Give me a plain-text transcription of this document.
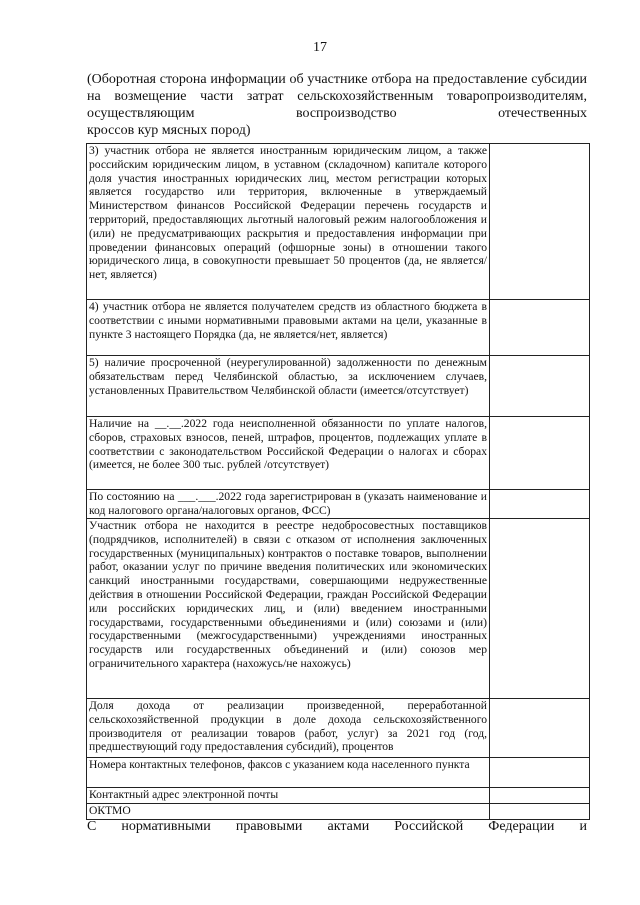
17
(Оборотная сторона информации об участнике отбора на предоставление субсидии на возмещение части затрат сельскохозяйственным товаропроизводителям, осуществляющим воспроизводство отечественных
кроссов кур мясных пород)
3) участник отбора не является иностранным юридическим лицом, а также российским юридическим лицом, в уставном (складочном) капитале которого доля участия иностранных юридических лиц, местом регистрации которых является государство или территория, включенные в утверждаемый Министерством финансов Российской Федерации перечень государств и территорий, предоставляющих льготный налоговый режим налогообложения и (или) не предусматривающих раскрытия и предоставления информации при проведении финансовых операций (офшорные зоны) в отношении такого юридического лица, в совокупности превышает 50 процентов (да, не является/нет, является)	
4) участник отбора не является получателем средств из областного бюджета в соответствии с иными нормативными правовыми актами на цели, указанные в пункте 3 настоящего Порядка (да, не является/нет, является)	
5) наличие просроченной (неурегулированной) задолженности по денежным обязательствам перед Челябинской областью, за исключением случаев, установленных Правительством Челябинской области (имеется/отсутствует)	
Наличие на __.__.2022 года неисполненной обязанности по уплате налогов, сборов, страховых взносов, пеней, штрафов, процентов, подлежащих уплате в соответствии с законодательством Российской Федерации о налогах и сборах (имеется, не более 300 тыс. рублей /отсутствует)	
По состоянию на ___.___.2022 года зарегистрирован в (указать наименование и код налогового органа/налоговых органов, ФСС)	
Участник отбора не находится в реестре недобросовестных поставщиков (подрядчиков, исполнителей) в связи с отказом от исполнения заключенных государственных (муниципальных) контрактов о поставке товаров, выполнении работ, оказании услуг по причине введения политических или экономических санкций иностранными государствами, совершающими недружественные действия в отношении Российской Федерации, граждан Российской Федерации или российских юридических лиц, и (или) введением иностранными государствами, государственными объединениями и (или) союзами и (или) государственными (межгосударственными) учреждениями иностранных государств или государственных объединений и (или) союзов мер ограничительного характера (нахожусь/не нахожусь)	
Доля дохода от реализации произведенной, переработанной сельскохозяйственной продукции в доле дохода сельскохозяйственного производителя от реализации товаров (работ, услуг) за 2021 год (год, предшествующий году предоставления субсидий), процентов	
Номера контактных телефонов, факсов с указанием кода населенного пункта	
Контактный адрес электронной почты	
ОКТМО	
С нормативными правовыми актами Российской Федерации и
